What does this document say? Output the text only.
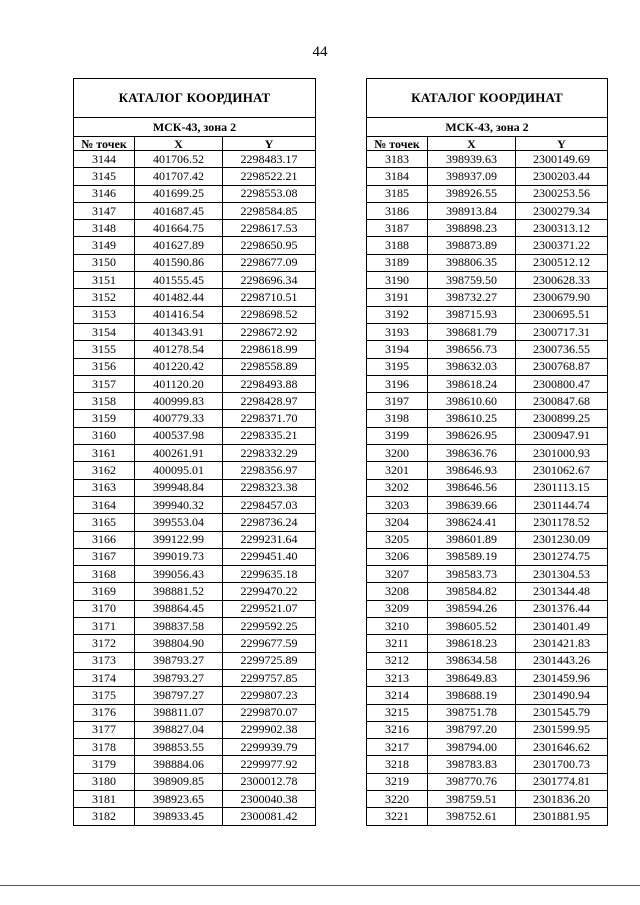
44
КАТАЛОГ КООРДИНАТ		
МСК-43, зона 2		
№ точек	X	Y
3144	401706.52	2298483.17
3145	401707.42	2298522.21
3146	401699.25	2298553.08
3147	401687.45	2298584.85
3148	401664.75	2298617.53
3149	401627.89	2298650.95
3150	401590.86	2298677.09
3151	401555.45	2298696.34
3152	401482.44	2298710.51
3153	401416.54	2298698.52
3154	401343.91	2298672.92
3155	401278.54	2298618.99
3156	401220.42	2298558.89
3157	401120.20	2298493.88
3158	400999.83	2298428.97
3159	400779.33	2298371.70
3160	400537.98	2298335.21
3161	400261.91	2298332.29
3162	400095.01	2298356.97
3163	399948.84	2298323.38
3164	399940.32	2298457.03
3165	399553.04	2298736.24
3166	399122.99	2299231.64
3167	399019.73	2299451.40
3168	399056.43	2299635.18
3169	398881.52	2299470.22
3170	398864.45	2299521.07
3171	398837.58	2299592.25
3172	398804.90	2299677.59
3173	398793.27	2299725.89
3174	398793.27	2299757.85
3175	398797.27	2299807.23
3176	398811.07	2299870.07
3177	398827.04	2299902.38
3178	398853.55	2299939.79
3179	398884.06	2299977.92
3180	398909.85	2300012.78
3181	398923.65	2300040.38
3182	398933.45	2300081.42
КАТАЛОГ КООРДИНАТ		
МСК-43, зона 2		
№ точек	X	Y
3183	398939.63	2300149.69
3184	398937.09	2300203.44
3185	398926.55	2300253.56
3186	398913.84	2300279.34
3187	398898.23	2300313.12
3188	398873.89	2300371.22
3189	398806.35	2300512.12
3190	398759.50	2300628.33
3191	398732.27	2300679.90
3192	398715.93	2300695.51
3193	398681.79	2300717.31
3194	398656.73	2300736.55
3195	398632.03	2300768.87
3196	398618.24	2300800.47
3197	398610.60	2300847.68
3198	398610.25	2300899.25
3199	398626.95	2300947.91
3200	398636.76	2301000.93
3201	398646.93	2301062.67
3202	398646.56	2301113.15
3203	398639.66	2301144.74
3204	398624.41	2301178.52
3205	398601.89	2301230.09
3206	398589.19	2301274.75
3207	398583.73	2301304.53
3208	398584.82	2301344.48
3209	398594.26	2301376.44
3210	398605.52	2301401.49
3211	398618.23	2301421.83
3212	398634.58	2301443.26
3213	398649.83	2301459.96
3214	398688.19	2301490.94
3215	398751.78	2301545.79
3216	398797.20	2301599.95
3217	398794.00	2301646.62
3218	398783.83	2301700.73
3219	398770.76	2301774.81
3220	398759.51	2301836.20
3221	398752.61	2301881.95
